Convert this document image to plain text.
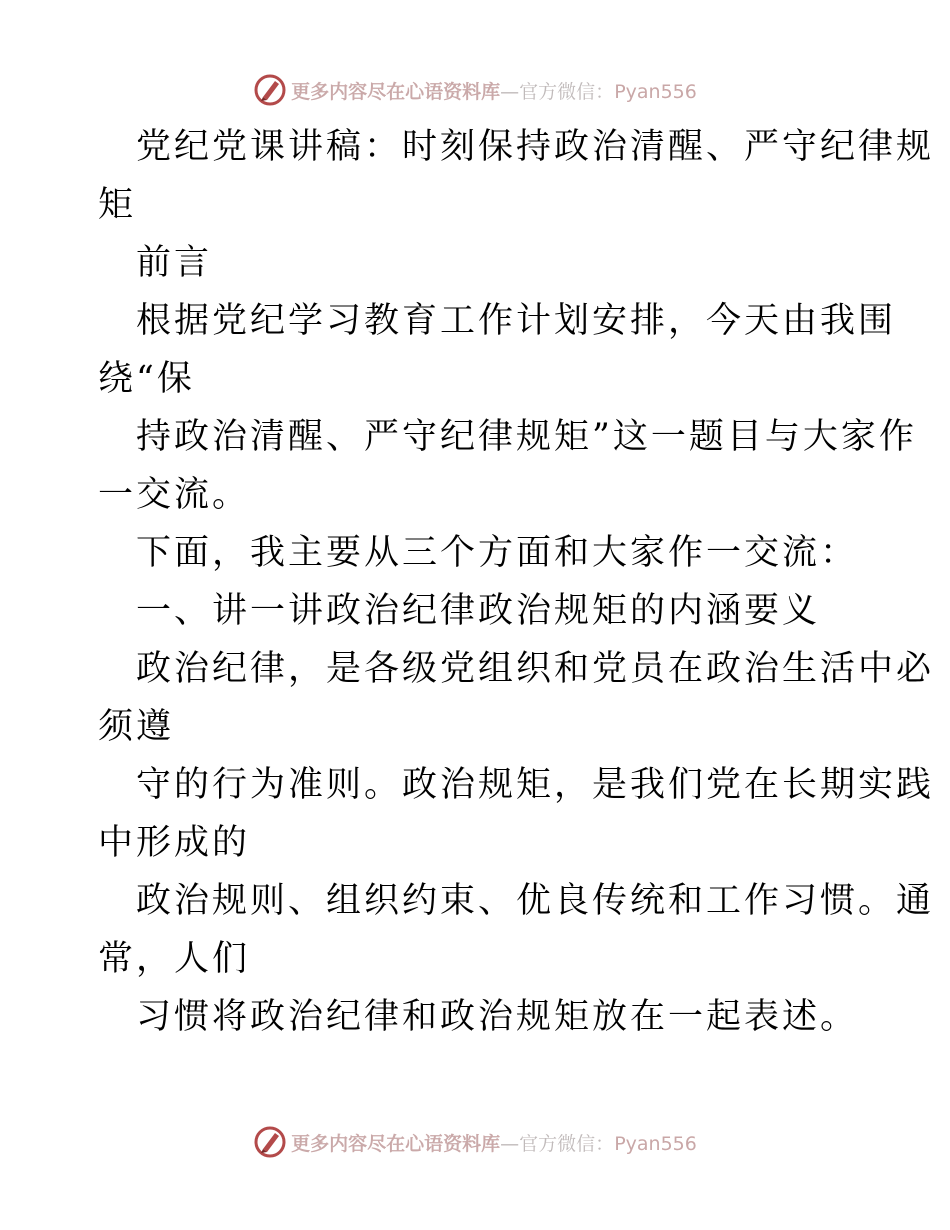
更多内容尽在心语资料库—官方微信：Pyan556
党纪党课讲稿：时刻保持政治清醒、严守纪律规
矩
前言
根据党纪学习教育工作计划安排，今天由我围
绕“保
持政治清醒、严守纪律规矩”这一题目与大家作
一交流。
下面，我主要从三个方面和大家作一交流：
一、讲一讲政治纪律政治规矩的内涵要义
政治纪律，是各级党组织和党员在政治生活中必
须遵
守的行为准则。政治规矩，是我们党在长期实践
中形成的
政治规则、组织约束、优良传统和工作习惯。通
常，人们
习惯将政治纪律和政治规矩放在一起表述。
更多内容尽在心语资料库—官方微信：Pyan556
